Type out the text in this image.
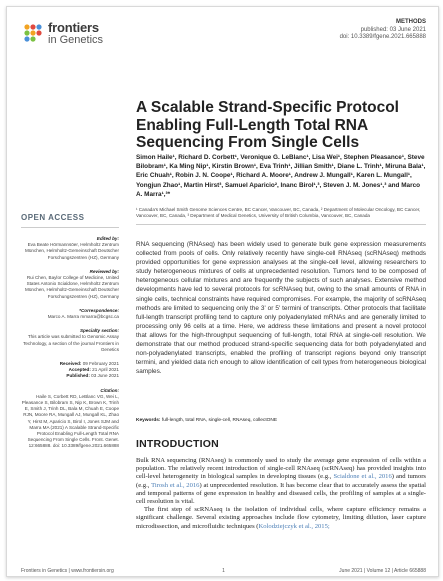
frontiers
in Genetics
METHODS
published: 03 June 2021
doi: 10.3389/fgene.2021.665888
A Scalable Strand-Specific Protocol Enabling Full-Length Total RNA Sequencing From Single Cells
Simon Haile¹, Richard D. Corbett¹, Veronique G. LeBlanc¹, Lisa Wei¹, Stephen Pleasance¹, Steve Bilobram¹, Ka Ming Nip¹, Kirstin Brown¹, Eva Trinh¹, Jillian Smith¹, Diane L. Trinh¹, Miruna Bala¹, Eric Chuah¹, Robin J. N. Coope¹, Richard A. Moore¹, Andrew J. Mungall¹, Karen L. Mungall¹, Yongjun Zhao¹, Martin Hirst³, Samuel Aparicio², Inanc Birol¹,³, Steven J. M. Jones¹,³ and Marco A. Marra¹,³*
¹ Canada's Michael Smith Genome Sciences Centre, BC Cancer, Vancouver, BC, Canada, ² Department of Molecular Oncology, BC Cancer, Vancouver, BC, Canada, ³ Department of Medical Genetics, University of British Columbia, Vancouver, BC, Canada
OPEN ACCESS
Edited by:
Eva Beate Hörmannsöer, Helmholtz Zentrum München, Helmholtz-Gemeinschaft Deutscher Forschungszentren (HZ), Germany
Reviewed by:
Rui Chen, Baylor College of Medicine, United States Antonio Scialdone, Helmholtz Zentrum München, Helmholtz-Gemeinschaft Deutscher Forschungszentren (HZ), Germany
*Correspondence:
Marco A. Marra mmarra@bcgsc.ca
Specialty section:
This article was submitted to Genomic Assay Technology, a section of the journal Frontiers in Genetics
Received: 09 February 2021
Accepted: 21 April 2021
Published: 03 June 2021
Citation:
Haile S, Corbett RD, LeBlanc VG, Wei L, Pleasance S, Bilobram S, Nip K, Brown K, Trinh E, Smith J, Trinh DL, Bala M, Chuah E, Coope RJN, Moore RA, Mungall AJ, Mungall KL, Zhao Y, Hirst M, Aparicio S, Birol I, Jones SJM and Marra MA (2021) A Scalable Strand-Specific Protocol Enabling Full-Length Total RNA Sequencing From Single Cells. Front. Genet. 12:665888. doi: 10.3389/fgene.2021.665888
RNA sequencing (RNAseq) has been widely used to generate bulk gene expression measurements collected from pools of cells. Only relatively recently have single-cell RNAseq (scRNAseq) methods provided opportunities for gene expression analyses at the single-cell level, allowing researchers to study heterogeneous mixtures of cells at unprecedented resolution. Tumors tend to be composed of heterogeneous cellular mixtures and are frequently the subjects of such analyses. Extensive method developments have led to several protocols for scRNAseq but, owing to the small amounts of RNA in single cells, technical constraints have required compromises. For example, the majority of scRNAseq methods are limited to sequencing only the 3' or 5' termini of transcripts. Other protocols that facilitate full-length transcript profiling tend to capture only polyadenylated mRNAs and are generally limited to processing only 96 cells at a time. Here, we address these limitations and present a novel protocol that allows for the high-throughput sequencing of full-length, total RNA at single-cell resolution. We demonstrate that our method produced strand-specific sequencing data for both polyadenylated and non-polyadenylated transcripts, enabled the profiling of transcript regions beyond only transcript termini, and yielded data rich enough to allow identification of cell types from heterogeneous biological samples.
Keywords: full-length, total RNA, single-cell, RNAseq, collectONE
INTRODUCTION

Bulk RNA sequencing (RNAseq) is commonly used to study the average gene expression of cells within a population. The relatively recent introduction of single-cell RNAseq (scRNAseq) has provided insights into cell-level heterogeneity in biological samples in developing tissues (e.g., Scialdone et al., 2016) and tumors (e.g., Tirosh et al., 2016) at unprecedented resolution. It has become clear that to accurately assess the spatial and temporal patterns of gene expression in healthy and diseased cells, the profiling of samples at a single-cell resolution is vital.

The first step of scRNAseq is the isolation of individual cells, where capture efficiency remains a significant challenge. Several existing approaches include flow cytometry, limiting dilution, laser capture microdissection, and microfluidic techniques (Kolodziejczyk et al., 2015;

Frontiers in Genetics | www.frontiersin.org	1	June 2021 | Volume 12 | Article 665888
